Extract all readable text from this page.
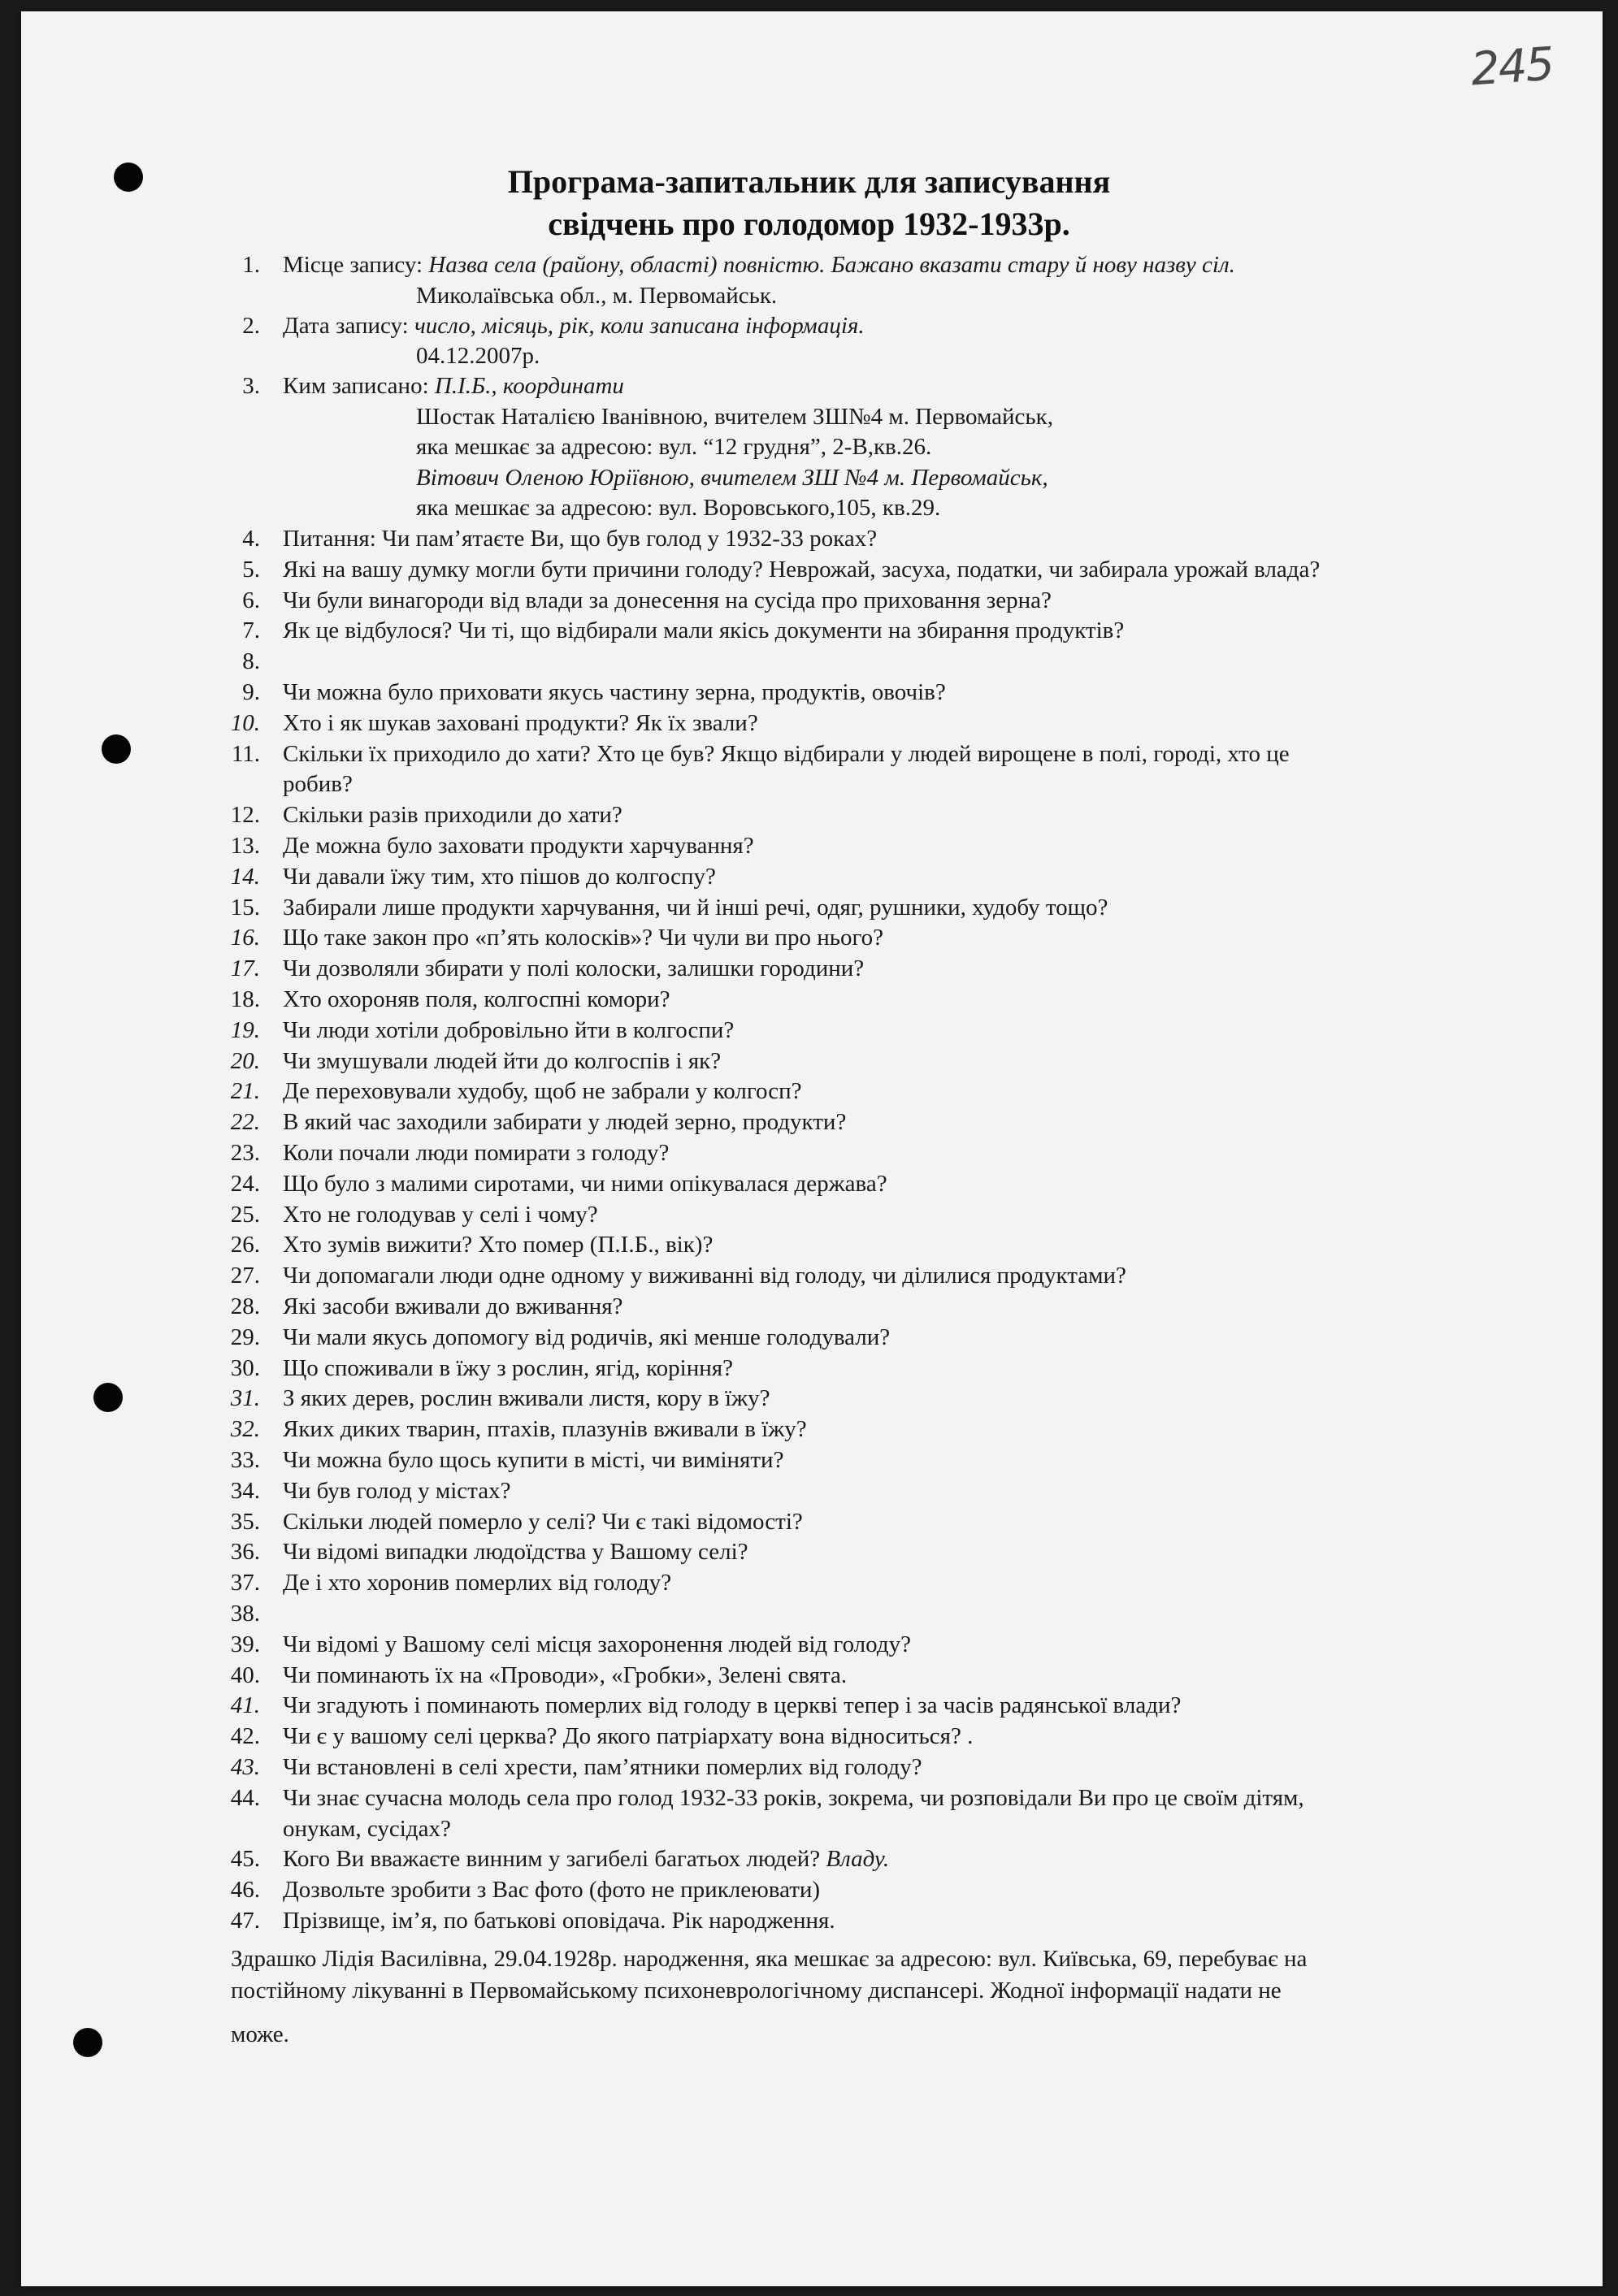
245
Програма-запитальник для записування
свідчень про голодомор 1932-1933р.
1. Місце запису: Назва села (району, області) повністю. Бажано вказати стару й нову назву сіл.
Миколаївська обл., м. Первомайськ.
2. Дата запису: число, місяць, рік, коли записана інформація.
04.12.2007р.
3. Ким записано: П.І.Б., координати
Шостак Наталією Іванівною, вчителем ЗШ№4 м. Первомайськ,
яка мешкає за адресою: вул. “12 грудня”, 2-В,кв.26.
Вітович Оленою Юріївною, вчителем ЗШ №4 м. Первомайськ,
яка мешкає за адресою: вул. Воровського,105, кв.29.
4. Питання: Чи пам’ятаєте Ви, що був голод у 1932-33 роках?
5. Які на вашу думку могли бути причини голоду? Неврожай, засуха, податки, чи забирала урожай влада?
6. Чи були винагороди від влади за донесення на сусіда про приховання зерна?
7. Як це відбулося? Чи ті, що відбирали мали якісь документи на збирання продуктів?
8.
9. Чи можна було приховати якусь частину зерна, продуктів, овочів?
10. Хто і як шукав заховані продукти? Як їх звали?
11. Скільки їх приходило до хати? Хто це був? Якщо відбирали у людей вирощене в полі, городі, хто це
робив?
12. Скільки разів приходили до хати?
13. Де можна було заховати продукти харчування?
14. Чи давали їжу тим, хто пішов до колгоспу?
15. Забирали лише продукти харчування, чи й інші речі, одяг, рушники, худобу тощо?
16. Що таке закон про «п’ять колосків»? Чи чули ви про нього?
17. Чи дозволяли збирати у полі колоски, залишки городини?
18. Хто охороняв поля, колгоспні комори?
19. Чи люди хотіли добровільно йти в колгоспи?
20. Чи змушували людей йти до колгоспів і як?
21. Де переховували худобу, щоб не забрали у колгосп?
22. В який час заходили забирати у людей зерно, продукти?
23. Коли почали люди помирати з голоду?
24. Що було з малими сиротами, чи ними опікувалася держава?
25. Хто не голодував у селі і чому?
26. Хто зумів вижити? Хто помер (П.І.Б., вік)?
27. Чи допомагали люди одне одному у виживанні від голоду, чи ділилися продуктами?
28. Які засоби вживали до вживання?
29. Чи мали якусь допомогу від родичів, які менше голодували?
30. Що споживали в їжу з рослин, ягід, коріння?
31. З яких дерев, рослин вживали листя, кору в їжу?
32. Яких диких тварин, птахів, плазунів вживали в їжу?
33. Чи можна було щось купити в місті, чи виміняти?
34. Чи був голод у містах?
35. Скільки людей померло у селі? Чи є такі відомості?
36. Чи відомі випадки людоїдства у Вашому селі?
37. Де і хто хоронив померлих від голоду?
38.
39. Чи відомі у Вашому селі місця захоронення людей від голоду?
40. Чи поминають їх на «Проводи», «Гробки», Зелені свята.
41. Чи згадують і поминають померлих від голоду в церкві тепер і за часів радянської влади?
42. Чи є у вашому селі церква? До якого патріархату вона відноситься? .
43. Чи встановлені в селі хрести, пам’ятники померлих від голоду?
44. Чи знає сучасна молодь села про голод 1932-33 років, зокрема, чи розповідали Ви про це своїм дітям,
онукам, сусідах?
45. Кого Ви вважаєте винним у загибелі багатьох людей? Владу.
46. Дозвольте зробити з Вас фото (фото не приклеювати)
47. Прізвище, ім’я, по батькові оповідача. Рік народження.
Здрашко Лідія Василівна, 29.04.1928р. народження, яка мешкає за адресою: вул. Київська, 69, перебуває на
постійному лікуванні в Первомайському психоневрологічному диспансері. Жодної інформації надати не
може.
